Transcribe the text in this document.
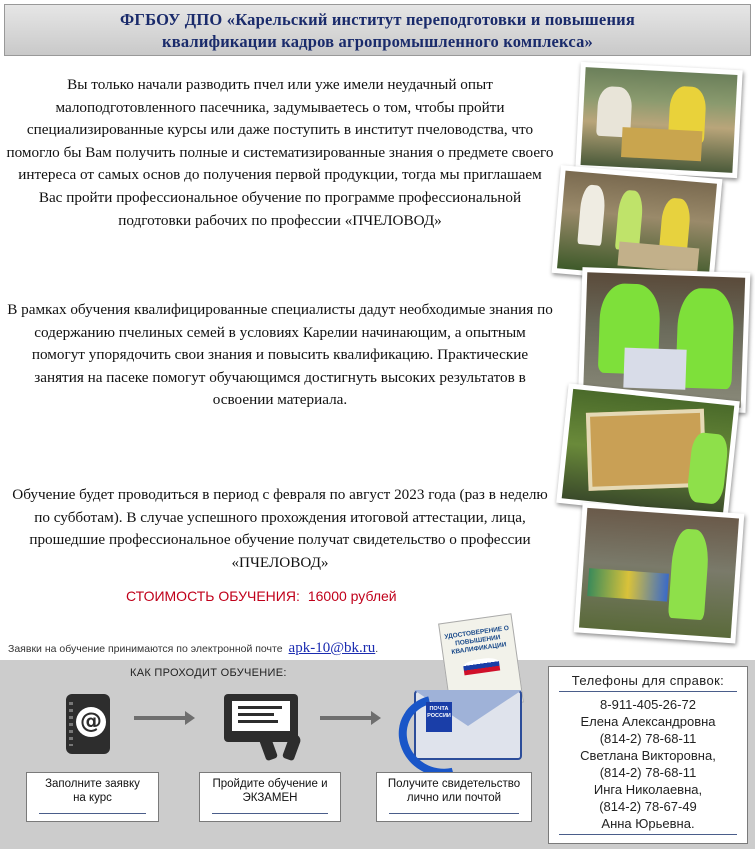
ФГБОУ ДПО «Карельский институт переподготовки и повышения
квалификации кадров агропромышленного комплекса»
Вы только начали разводить пчел или уже имели неудачный опыт малоподготовленного пасечника, задумываетесь о том, чтобы пройти специализированные курсы или даже поступить в институт пчеловодства, что помогло бы Вам получить полные и систематизированные знания о предмете своего интереса от самых основ до получения первой продукции, тогда мы приглашаем Вас пройти профессиональное обучение по программе профессиональной подготовки рабочих по профессии «ПЧЕЛОВОД»
В рамках обучения квалифицированные специалисты дадут необходимые знания по содержанию пчелиных семей в условиях Карелии начинающим, а опытным помогут упорядочить свои знания и повысить квалификацию. Практические занятия на пасеке помогут обучающимся достигнуть высоких результатов в освоении материала.
Обучение будет проводиться в период с февраля по август 2023 года (раз в неделю по субботам). В случае успешного прохождения итоговой аттестации, лица, прошедшие профессиональное обучение получат свидетельство о профессии «ПЧЕЛОВОД»
СТОИМОСТЬ ОБУЧЕНИЯ: 16000 рублей
Заявки на обучение принимаются по электронной почте apk-10@bk.ru.
КАК ПРОХОДИТ ОБУЧЕНИЕ:
@
УДОСТОВЕРЕНИЕ О ПОВЫШЕНИИ КВАЛИФИКАЦИИ
ПОЧТА РОССИИ
Заполните заявку
на курс
Пройдите обучение и
ЭКЗАМЕН
Получите свидетельство
лично или почтой
Телефоны для справок:
8-911-405-26-72
Елена Александровна
(814-2) 78-68-11
Светлана Викторовна,
(814-2) 78-68-11
Инга Николаевна,
(814-2) 78-67-49
Анна Юрьевна.
